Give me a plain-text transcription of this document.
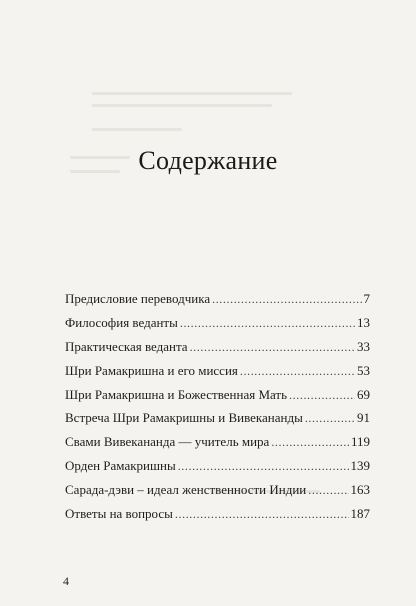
Содержание
Предисловие переводчика . . .	7
Философия веданты . . .	13
Практическая веданта . . .	33
Шри Рамакришна и его миссия . . .	53
Шри Рамакришна и Божественная Мать . . .	69
Встреча Шри Рамакришны и Вивекананды . . .	91
Свами Вивекананда — учитель мира . . .	119
Орден Рамакришны . . .	139
Сарада-дэви – идеал женственности Индии . . .	163
Ответы на вопросы . . .	187
4
